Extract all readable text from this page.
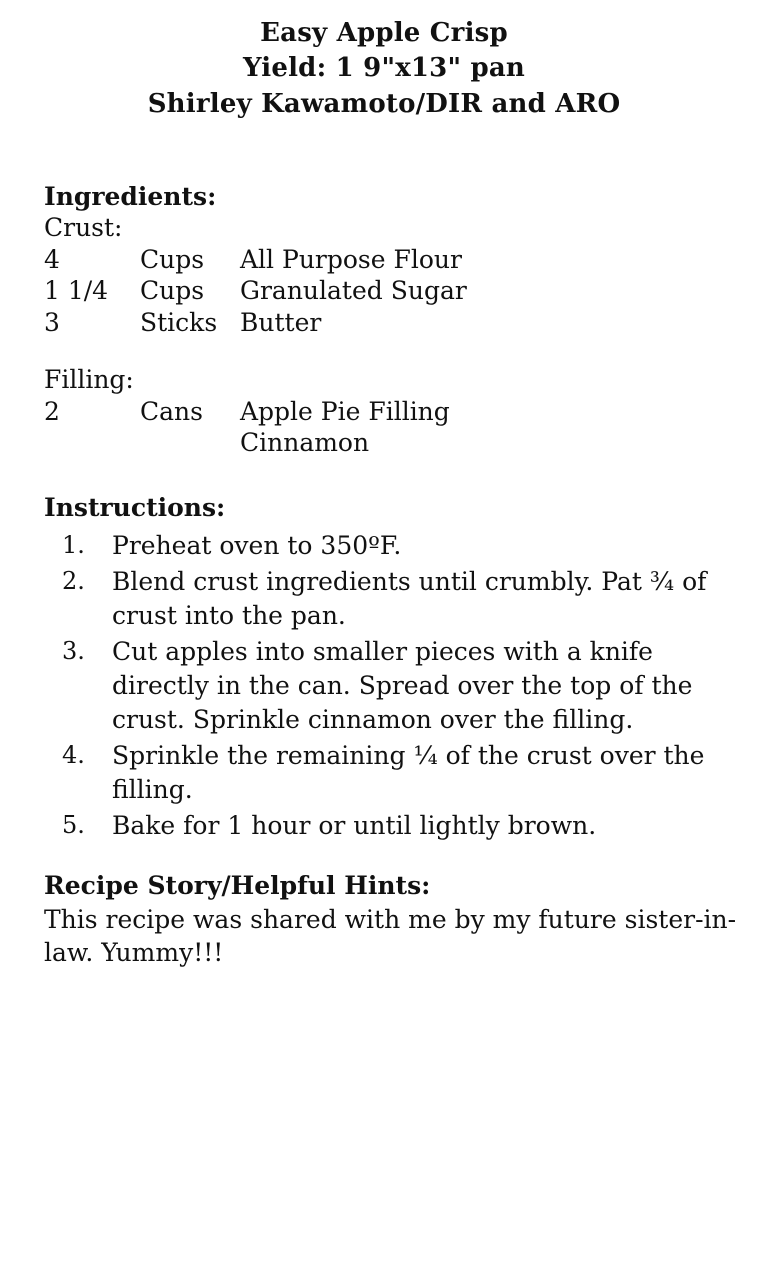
Easy Apple Crisp
Yield: 1 9"x13" pan
Shirley Kawamoto/DIR and ARO
Ingredients:
Crust:
4	Cups	All Purpose Flour
1 1/4	Cups	Granulated Sugar
3	Sticks	Butter
Filling:
2	Cans	Apple Pie Filling
		Cinnamon
Instructions:
1.	Preheat oven to 350ºF.
2.	Blend crust ingredients until crumbly. Pat ¾ of crust into the pan.
3.	Cut apples into smaller pieces with a knife directly in the can. Spread over the top of the crust. Sprinkle cinnamon over the filling.
4.	Sprinkle the remaining ¼ of the crust over the filling.
5.	Bake for 1 hour or until lightly brown.
Recipe Story/Helpful Hints:
This recipe was shared with me by my future sister-in-law. Yummy!!!
